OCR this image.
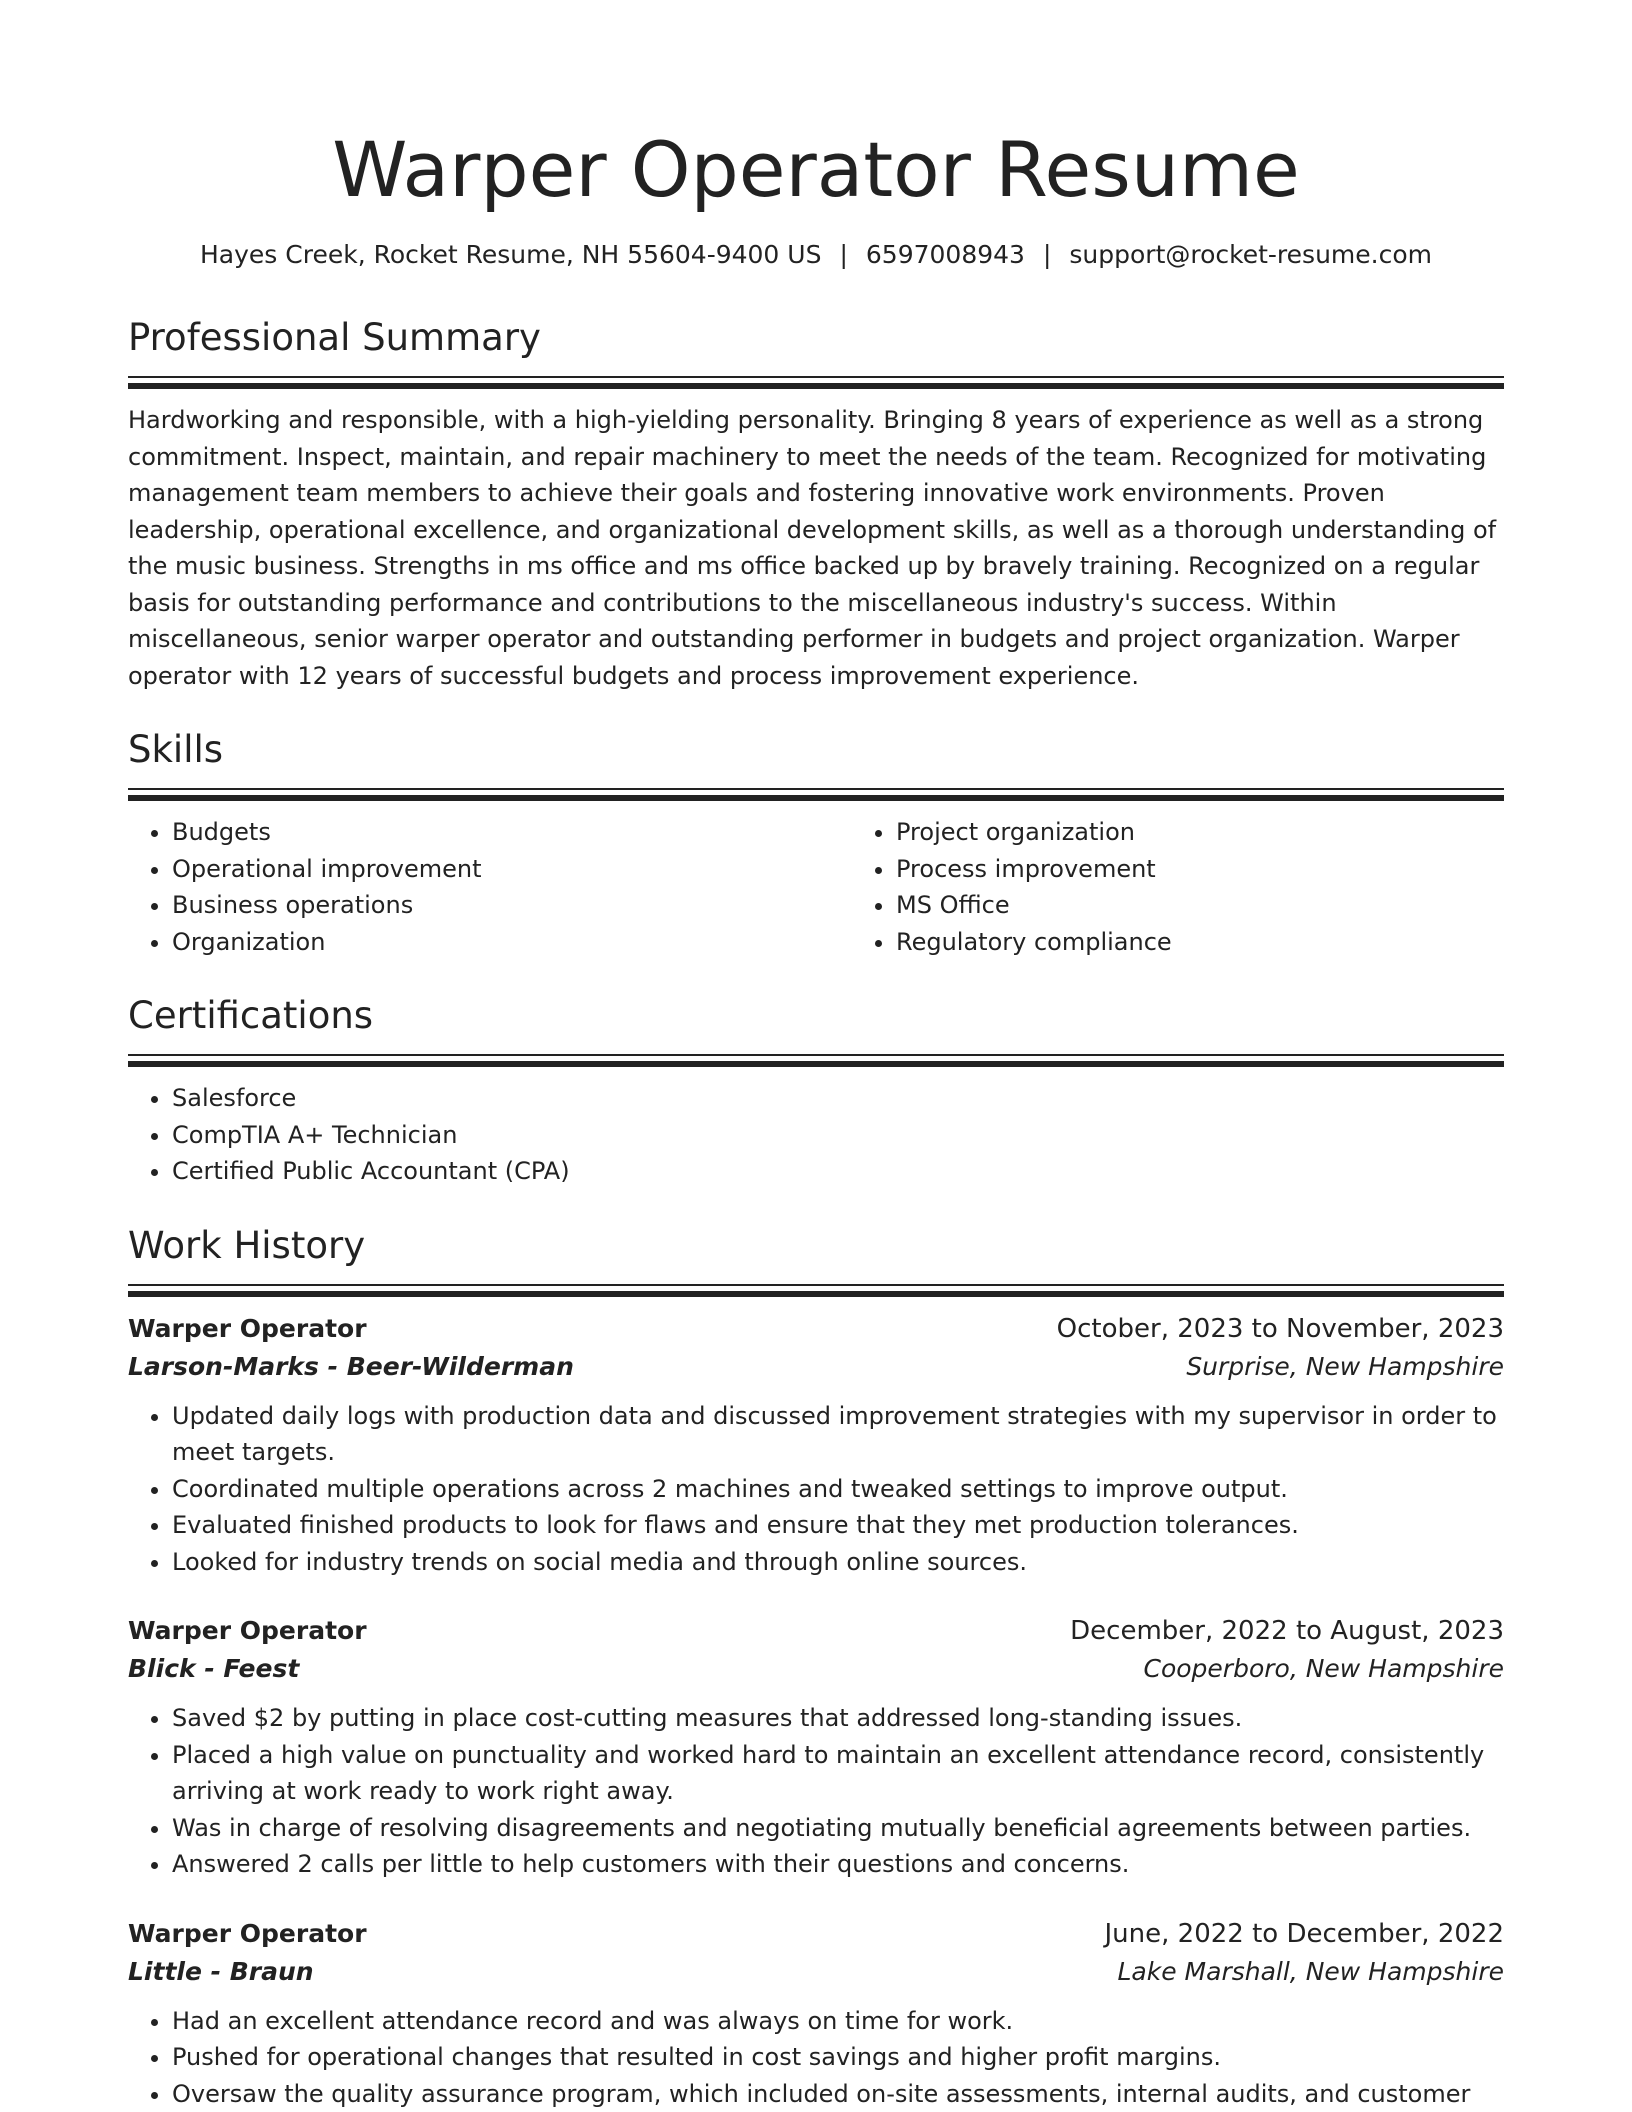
Warper Operator Resume
Hayes Creek, Rocket Resume, NH 55604-9400 US | 6597008943 | support@rocket-resume.com
Professional Summary

Hardworking and responsible, with a high-yielding personality. Bringing 8 years of experience as well as a strong commitment. Inspect, maintain, and repair machinery to meet the needs of the team. Recognized for motivating management team members to achieve their goals and fostering innovative work environments. Proven leadership, operational excellence, and organizational development skills, as well as a thorough understanding of the music business. Strengths in ms office and ms office backed up by bravely training. Recognized on a regular basis for outstanding performance and contributions to the miscellaneous industry's success. Within miscellaneous, senior warper operator and outstanding performer in budgets and project organization. Warper operator with 12 years of successful budgets and process improvement experience.

Skills
• Budgets
• Operational improvement
• Business operations
• Organization
• Project organization
• Process improvement
• MS Office
• Regulatory compliance
Certifications
• Salesforce
• CompTIA A+ Technician
• Certified Public Accountant (CPA)
Work History
Warper Operator	October, 2023 to November, 2023
Larson-Marks - Beer-Wilderman	Surprise, New Hampshire
• Updated daily logs with production data and discussed improvement strategies with my supervisor in order to meet targets.
• Coordinated multiple operations across 2 machines and tweaked settings to improve output.
• Evaluated finished products to look for flaws and ensure that they met production tolerances.
• Looked for industry trends on social media and through online sources.
Warper Operator	December, 2022 to August, 2023
Blick - Feest	Cooperboro, New Hampshire
• Saved $2 by putting in place cost-cutting measures that addressed long-standing issues.
• Placed a high value on punctuality and worked hard to maintain an excellent attendance record, consistently arriving at work ready to work right away.
• Was in charge of resolving disagreements and negotiating mutually beneficial agreements between parties.
• Answered 2 calls per little to help customers with their questions and concerns.
Warper Operator	June, 2022 to December, 2022
Little - Braun	Lake Marshall, New Hampshire
• Had an excellent attendance record and was always on time for work.
• Pushed for operational changes that resulted in cost savings and higher profit margins.
• Oversaw the quality assurance program, which included on-site assessments, internal audits, and customer
